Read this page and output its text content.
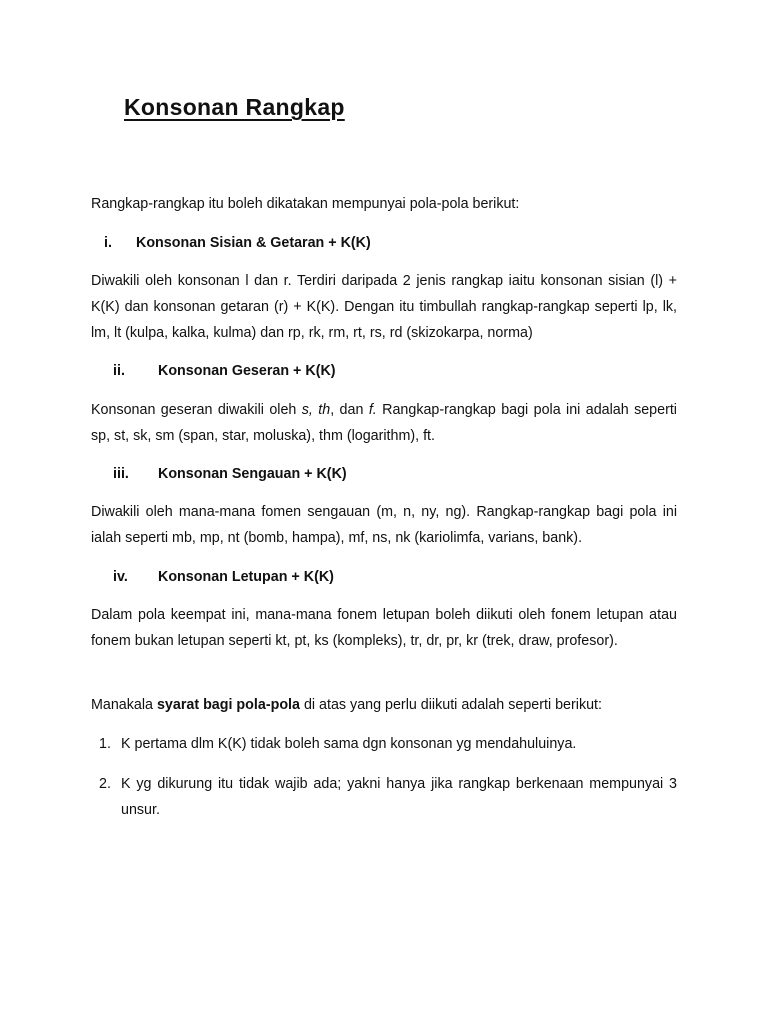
Konsonan Rangkap

Rangkap-rangkap itu boleh dikatakan mempunyai pola-pola berikut:

i. Konsonan Sisian & Getaran + K(K)

Diwakili oleh konsonan l dan r. Terdiri daripada 2 jenis rangkap iaitu konsonan sisian (l) + K(K) dan konsonan getaran (r) + K(K). Dengan itu timbullah rangkap-rangkap seperti lp, lk, lm, lt (kulpa, kalka, kulma) dan rp, rk, rm, rt, rs, rd (skizokarpa, norma)

ii. Konsonan Geseran + K(K)

Konsonan geseran diwakili oleh s, th, dan f. Rangkap-rangkap bagi pola ini adalah seperti sp, st, sk, sm (span, star, moluska), thm (logarithm), ft.

iii. Konsonan Sengauan + K(K)

Diwakili oleh mana-mana fomen sengauan (m, n, ny, ng). Rangkap-rangkap bagi pola ini ialah seperti mb, mp, nt (bomb, hampa), mf, ns, nk (kariolimfa, varians, bank).

iv. Konsonan Letupan + K(K)

Dalam pola keempat ini, mana-mana fonem letupan boleh diikuti oleh fonem letupan atau fonem bukan letupan seperti kt, pt, ks (kompleks), tr, dr, pr, kr (trek, draw, profesor).

Manakala syarat bagi pola-pola di atas yang perlu diikuti adalah seperti berikut:

1. K pertama dlm K(K) tidak boleh sama dgn konsonan yg mendahuluinya.
2. K yg dikurung itu tidak wajib ada; yakni hanya jika rangkap berkenaan mempunyai 3 unsur.
